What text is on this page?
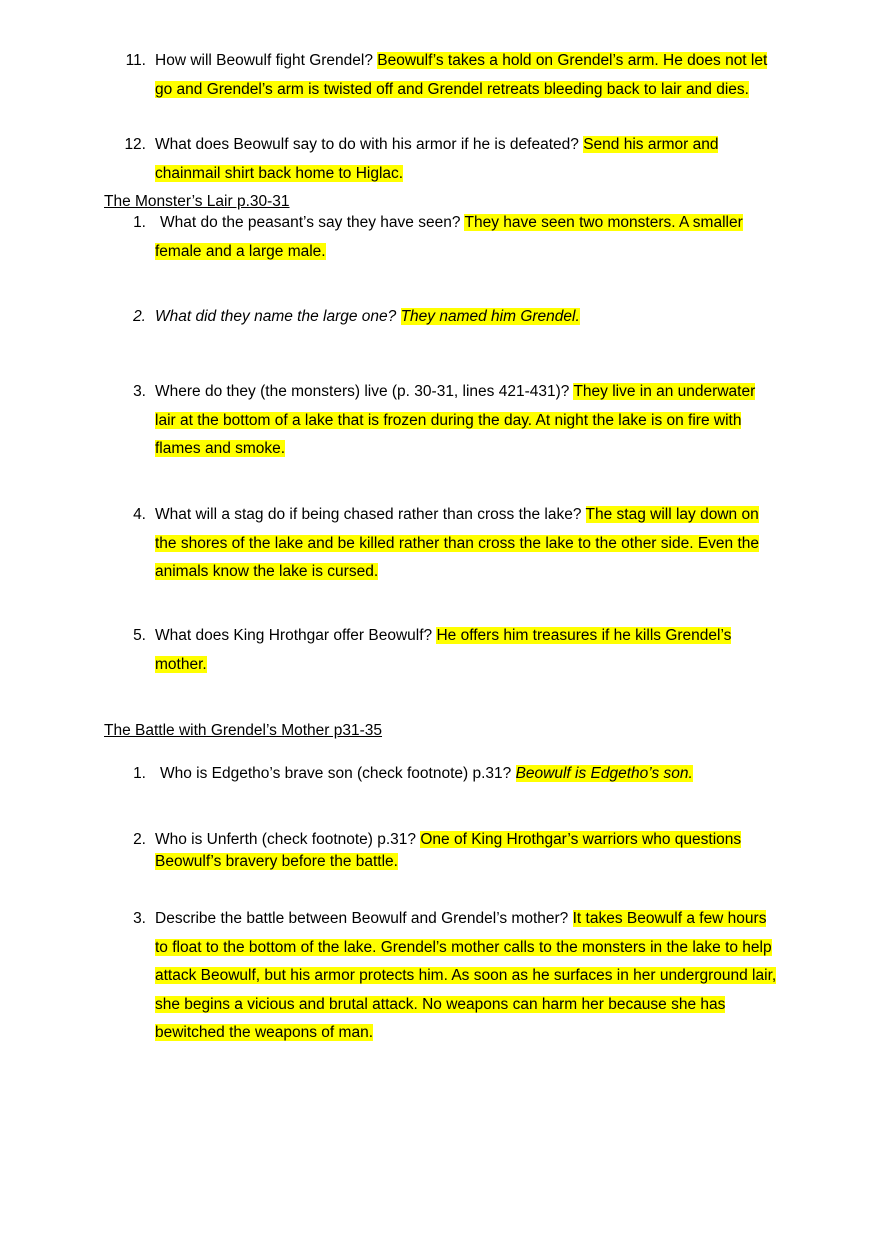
11. How will Beowulf fight Grendel? Beowulf’s takes a hold on Grendel’s arm. He does not let go and Grendel’s arm is twisted off and Grendel retreats bleeding back to lair and dies.

12. What does Beowulf say to do with his armor if he is defeated? Send his armor and chainmail shirt back home to Higlac.

The Monster’s Lair p.30-31
1. What do the peasant’s say they have seen? They have seen two monsters. A smaller female and a large male.

2. What did they name the large one? They named him Grendel.

3. Where do they (the monsters) live (p. 30-31, lines 421-431)? They live in an underwater lair at the bottom of a lake that is frozen during the day. At night the lake is on fire with flames and smoke.

4. What will a stag do if being chased rather than cross the lake? The stag will lay down on the shores of the lake and be killed rather than cross the lake to the other side. Even the animals know the lake is cursed.

5. What does King Hrothgar offer Beowulf? He offers him treasures if he kills Grendel’s mother.

The Battle with Grendel’s Mother p31-35
1. Who is Edgetho’s brave son (check footnote) p.31? Beowulf is Edgetho’s son.

2. Who is Unferth (check footnote) p.31? One of King Hrothgar’s warriors who questions Beowulf’s bravery before the battle.

3. Describe the battle between Beowulf and Grendel’s mother? It takes Beowulf a few hours to float to the bottom of the lake. Grendel’s mother calls to the monsters in the lake to help attack Beowulf, but his armor protects him. As soon as he surfaces in her underground lair, she begins a vicious and brutal attack. No weapons can harm her because she has bewitched the weapons of man.
